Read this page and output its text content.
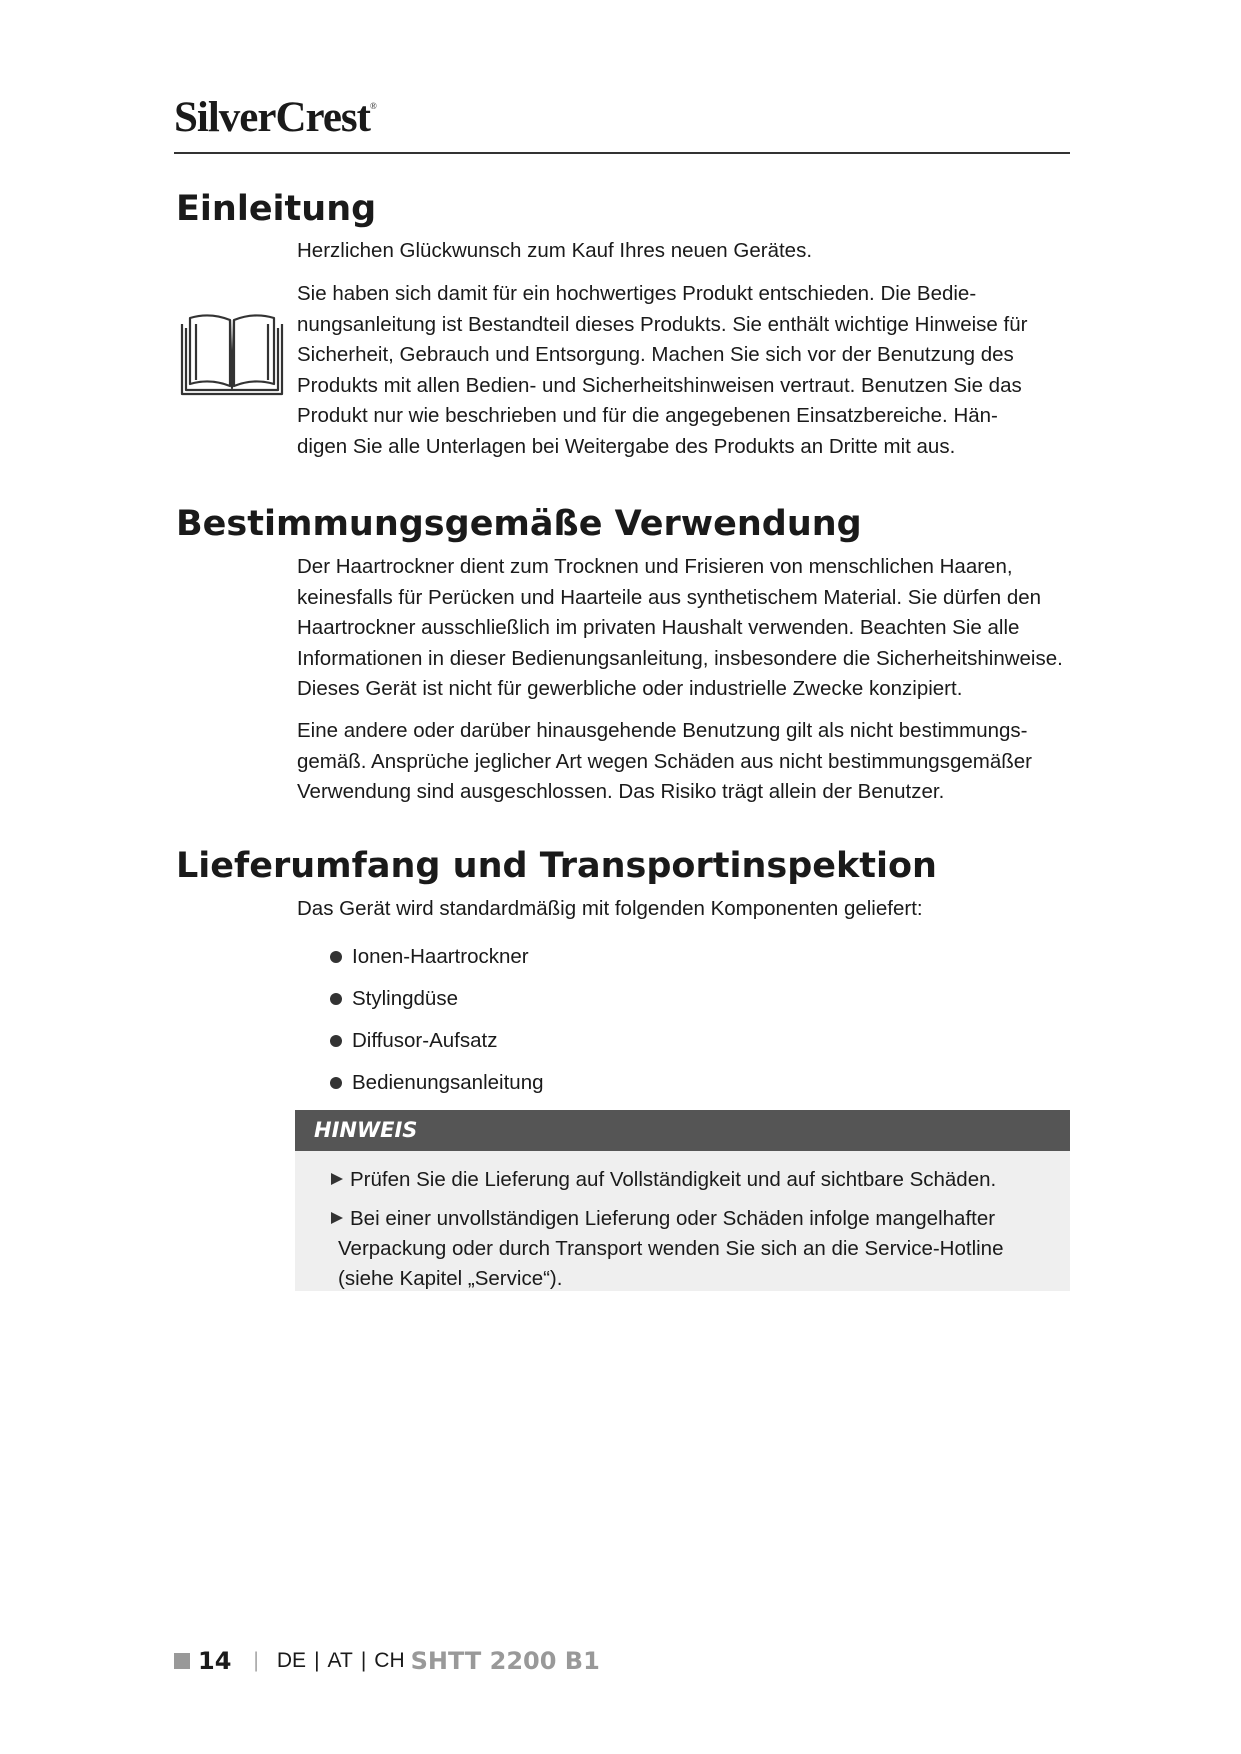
SilverCrest®
Einleitung

Herzlichen Glückwunsch zum Kauf Ihres neuen Gerätes.

Sie haben sich damit für ein hochwertiges Produkt entschieden. Die Bedie-

nungsanleitung ist Bestandteil dieses Produkts. Sie enthält wichtige Hinweise für

Sicherheit, Gebrauch und Entsorgung. Machen Sie sich vor der Benutzung des

Produkts mit allen Bedien- und Sicherheitshinweisen vertraut. Benutzen Sie das

Produkt nur wie beschrieben und für die angegebenen Einsatzbereiche. Hän-

digen Sie alle Unterlagen bei Weitergabe des Produkts an Dritte mit aus.

Bestimmungsgemäße Verwendung

Der Haartrockner dient zum Trocknen und Frisieren von menschlichen Haaren,

keinesfalls für Perücken und Haarteile aus synthetischem Material. Sie dürfen den

Haartrockner ausschließlich im privaten Haushalt verwenden. Beachten Sie alle

Informationen in dieser Bedienungsanleitung, insbesondere die Sicherheitshinweise.

Dieses Gerät ist nicht für gewerbliche oder industrielle Zwecke konzipiert.

Eine andere oder darüber hinausgehende Benutzung gilt als nicht bestimmungs-

gemäß. Ansprüche jeglicher Art wegen Schäden aus nicht bestimmungsgemäßer

Verwendung sind ausgeschlossen. Das Risiko trägt allein der Benutzer.

Lieferumfang und Transportinspektion

Das Gerät wird standardmäßig mit folgenden Komponenten geliefert:

Ionen-Haartrockner
Stylingdüse
Diffusor-Aufsatz
Bedienungsanleitung
HINWEIS
Prüfen Sie die Lieferung auf Vollständigkeit und auf sichtbare Schäden.
Bei einer unvollständigen Lieferung oder Schäden infolge mangelhafter
Verpackung oder durch Transport wenden Sie sich an die Service-Hotline
(siehe Kapitel „Service“).
14 | DE | AT | CH SHTT 2200 B1
